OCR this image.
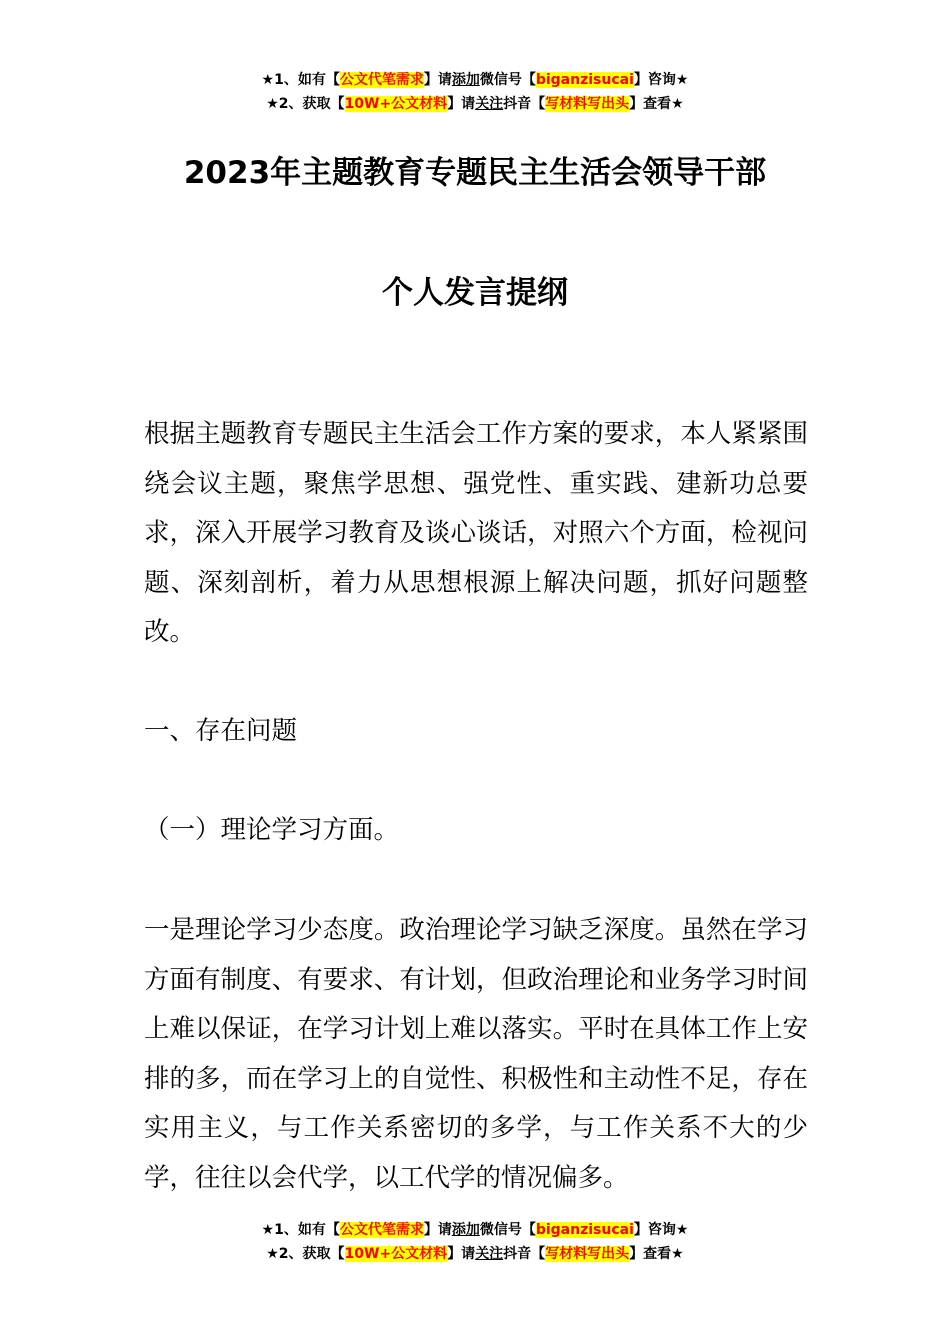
★1、如有【公文代笔需求】请添加微信号【biganzisucai】咨询★
★2、获取【10W+公文材料】请关注抖音【写材料写出头】查看★
2023年主题教育专题民主生活会领导干部
个人发言提纲
根据主题教育专题民主生活会工作方案的要求，本人紧紧围绕会议主题，聚焦学思想、强党性、重实践、建新功总要求，深入开展学习教育及谈心谈话，对照六个方面，检视问题、深刻剖析，着力从思想根源上解决问题，抓好问题整改。
一、存在问题
（一）理论学习方面。
一是理论学习少态度。政治理论学习缺乏深度。虽然在学习方面有制度、有要求、有计划，但政治理论和业务学习时间上难以保证，在学习计划上难以落实。平时在具体工作上安排的多，而在学习上的自觉性、积极性和主动性不足，存在实用主义，与工作关系密切的多学，与工作关系不大的少学，往往以会代学，以工代学的情况偏多。
★1、如有【公文代笔需求】请添加微信号【biganzisucai】咨询★
★2、获取【10W+公文材料】请关注抖音【写材料写出头】查看★
